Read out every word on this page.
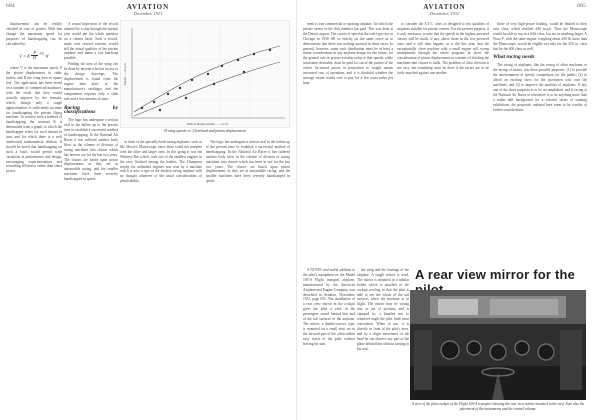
684	AVIATION
December, 1931

displacement can be readily checked in case of protest. With that change the maximum speed for purposes of handicapping can be calculated by:

V = K $\frac{P}{D} ^{1/3}$ W

where V is the maximum speed, P the piston displacement in cubic inches, and D the wing area in square feet. The application has been tested on a number of commercial machines, with the result that they would actually improve by the formula, which, though only a rough approximation, is sufficiently accurate for handicapping the private flying machine. To achieve such a method of handicapping, the constant K is determined from a graph, to which the handicapper refers for each entrant in turn, and for which there is a well understood mathematical relation. It should be noted that handicapping on such a basis would permit wide variations in performance and design, encouraging experimentation and rewarding efficiency rather than sheer power.

A sound inspection of the record attained by a ship through the normal year would put the whole question on a clearer basis. Such a record, made over several seasons, would tell the actual qualities of the private airplane and make a fair handicap possible.

Finding the area of the wing can be done by anyone who has access to the design drawings. The displacement is found from the engine data plate or the manufacturer's catalogue, and the computation requires only a slide rule and a few minutes of time.

Racing by classifications

The logic has undergone a serious trial in the failure up to the present time to establish a successful method of handicapping. In the National Air Races it has suffered another body blow in the scheme of division of racing machines into classes which has been in use for the last two years. The classes are based upon piston displacement, as they are in automobile racing, and the smaller machines have been severely handicapped in speed.

Piston displacement — cu. in.
Speed — m.p.h.
H wing speeds vs. Cleveland and piston displacement

or three of the specially-built racing airplanes, such as Mr. Moore's Monocoupe, since these could not compete with the other and larger ones. In this group it was the Whitney Bee which, with one of the smallest engines in the race, finished among the leaders. The Thompson trophy for unlimited engines was won by a machine which is now a type of the modern racing airplane with no thought whatever to the usual considerations of practicability.

The logic has undergone a serious trial in the failure up to the present time to establish a successful method of handicapping. In the National Air Races it has suffered another body blow in the scheme of division of racing machines into classes which has been in use for the last two years. The classes are based upon piston displacement, as they are in automobile racing, and the smaller machines have been severely handicapped in speed.

AVIATION
December, 1931
685

ment is true commercial or sporting airplane, for which the private owner or the club member has paid. This was done at the Detroit airport. The curves of speed in the sole-type race at Chicago in 1930 fell so exactly on the same curve as to demonstrate that there was nothing unusual in those races. In general, however, some such distribution must be at least a minor consideration in any airplane design for the future, for the general rule in private aviation today is that speeds, while sometimes desirable, must be paid for out of the pocket of the owner. Increased power in proportion to weight means increased cost of operation, and it is doubtful whether the average owner would care to pay for a few extra miles per hour.

to consider the A.T.C. rates as designed to test qualities of airplanes suitable for private owners. For the present purpose, it is only necessary to note that the speeds in the highest powered classes will be much, if any, above those in the low-powered ones, and it will then happen, as it did this year, that the exceptionally clean machine with a small engine will sweep triumphantly through the whole program. In short, the consideration of piston displacement as a means of dividing the machines into classes is futile. The problem of class division is not easy, but something must be done if the racers are to be fairly matched against one another.

those of very high-power loading, would be limited to their own class, which reached 440 m.p.h. Thus the Monocoupe would be able to run in a fifth class, but not in anything larger. A Waco F, with the same engine, weighing about 200 lb. more than the Monocoupe, would be eligible not only for the 450 cu. class but for the 600 class as well.

What racing needs

The racing of airplanes, like the racing of other machines or the racing of horses, has three possible purposes: (1) to provide the entertainment of speedy competition for the public; (2) to afford an exciting show for the sportsmen who own the machines; and (3) to improve the qualities of airplanes. If any one of the three purposes is to be accomplished, and if racing at the National Air Races or elsewhere is to be anything more than a rather dull background for a colorful series of stunting exhibitions, the proposals outlined here seem to be worthy of further consideration.

A NOVEL and useful addition to the pilot's equipment on the Model 100-A Flight transport airplane, manufactured by the American Airplane and Engine Company, was described in Aviation, November, 1931, page 651. The installation of a rear view mirror in the cockpit gives the pilot a view of the passengers seated behind him and of the tail surfaces of the airplane. The mirror, a double-convex type, is mounted on a small strut set in the forward part of the cabin within easy reach of the pilot without leaving his seat.

the wing and the fuselage of the airplane. A single mirror is used. The mirror is mounted in a tubular holder which is attached to the cockpit cowling so that the pilot is able to see the whole of the tail surfaces when the machine is in flight. The mirror may be swung into or out of position, and is clamped by a knurled nut to whatever angle the pilot finds most convenient. When in use, it is directly in front of the pilot's eyes, and by a slight movement of the head he can observe any part of the plane behind him without turning in his seat.

A rear view mirror for the
A view of the pilot cockpit of the Flight 100-A transport showing the rear view mirror mounted in the roof. Note also the placement of the instruments and the control column.
